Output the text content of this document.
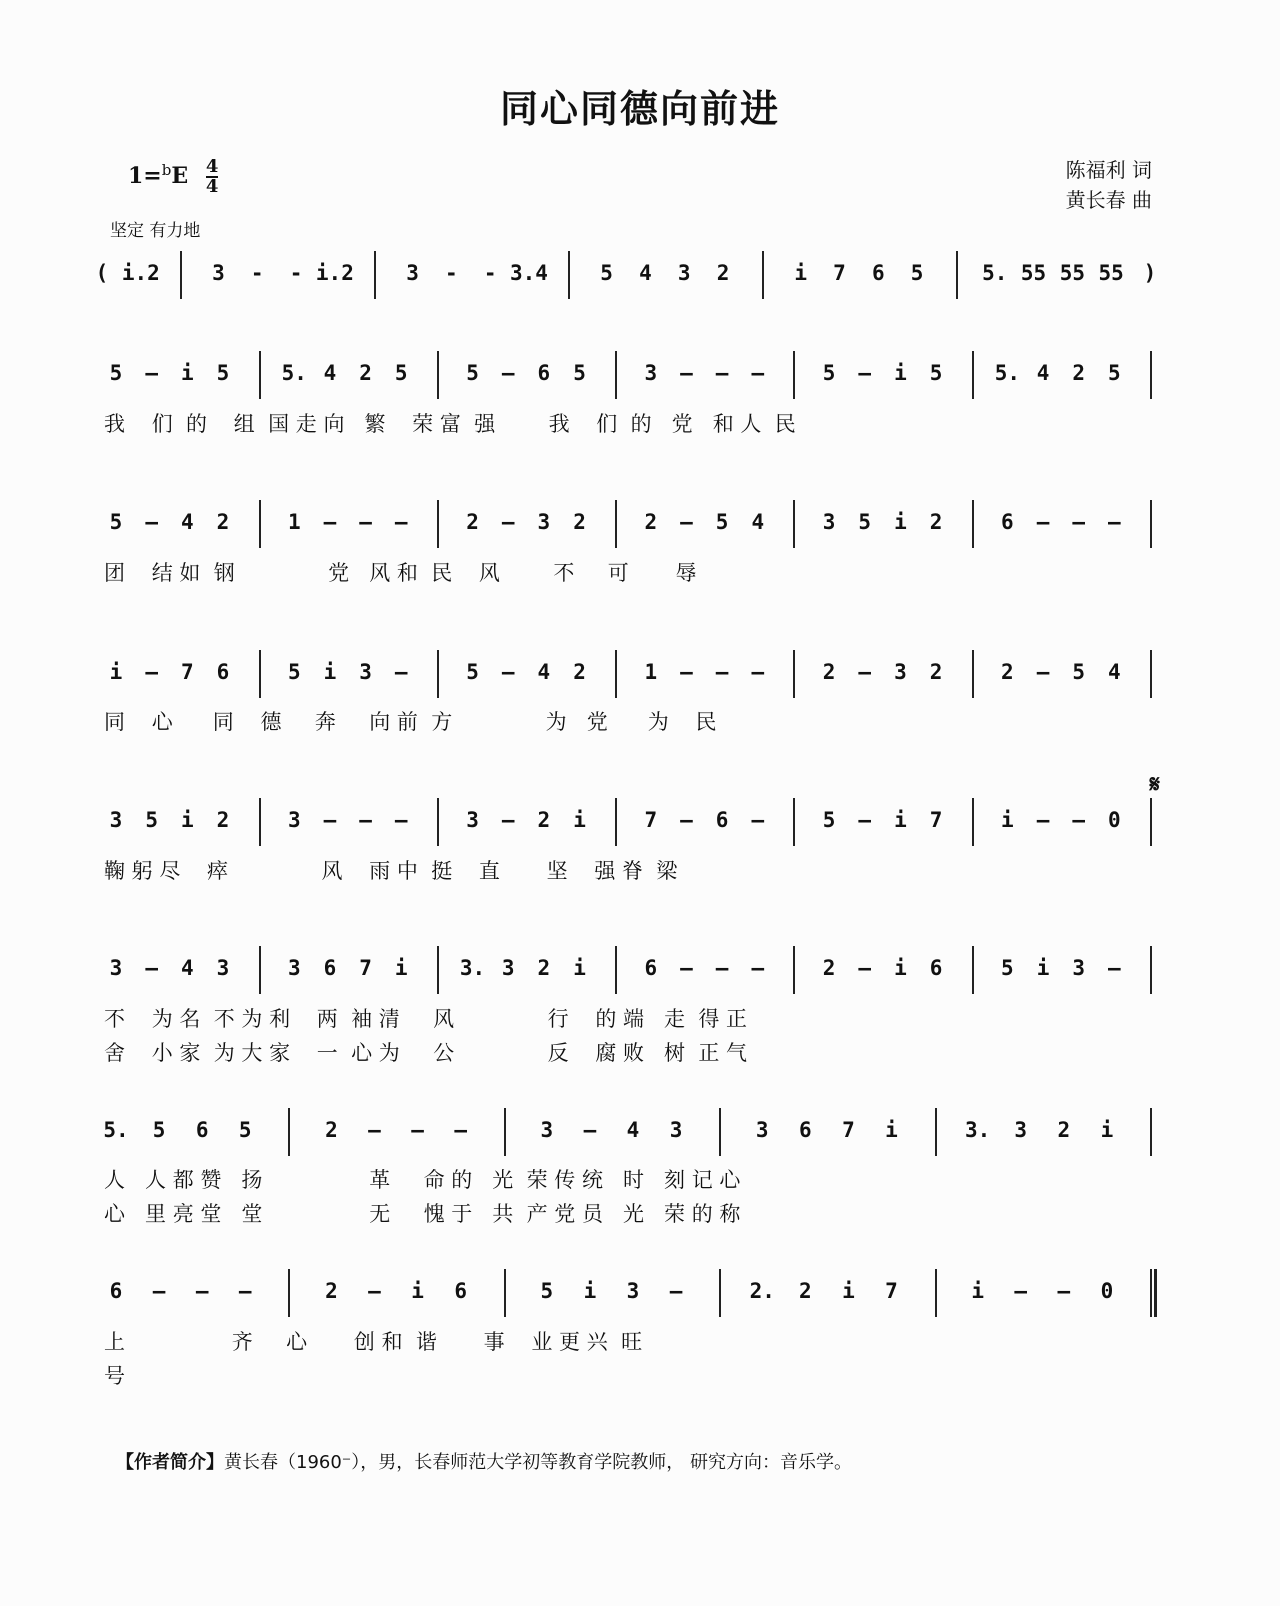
同心同德向前进
$1=^bE \frac{4}{4}$
坚定 有力地
陈福利 词
黄长春 曲
( i.2 3 - - i.2 3 - - 3.4 5 4 3 2	i 7 6 5	5. 55 55 55 )
5 – i 5 5. 4 2 5	5 – 6 5	3 – – –	5 – i 5 5. 4 2 5
5 – 4 2	1 – – –	2 – 3 2	2 – 5 4	3 5 i 2	6 – – –
i – 7 6	5 i 3 –	5 – 4 2	1 – – –	2 – 3 2	2 – 5 4
3 5 i 2	3 – – –	3 – 2 i	7 – 6 –	5 – i 7	i – – 0
3 – 4 3	3 6 7 i 3. 3 2 i	6 – – –	2 – i 6	5 i 3 –
5. 5 6 5	2 – – –	3 – 4 3	3 6 7 i	3. 3 2 i
6 – – –	2 – i 6	5 i 3 –	2. 2 i 7	i – – 0
我    们  的    组  国 走 向   繁    荣 富  强        我    们  的   党   和 人  民
团    结 如  钢              党   风 和  民    风        不     可       辱
同    心      同    德     奔     向 前  方              为   党      为    民
鞠 躬 尽    瘁              风    雨 中  挺    直       坚    强 脊  梁
不    为 名  不 为 利    两  袖 清     风              行    的 端   走  得 正
舍    小 家  为 大 家    一  心 为     公              反    腐 败   树  正 气
人   人 都 赞   扬                革     命 的   光  荣 传 统   时   刻 记 心
心   里 亮 堂   堂                无     愧 于   共  产 党 员   光   荣 的 称
上                齐     心       创 和  谐       事    业 更 兴  旺
号
𝄋
【作者简介】黄长春（1960⁻），男，长春师范大学初等教育学院教师， 研究方向：音乐学。
